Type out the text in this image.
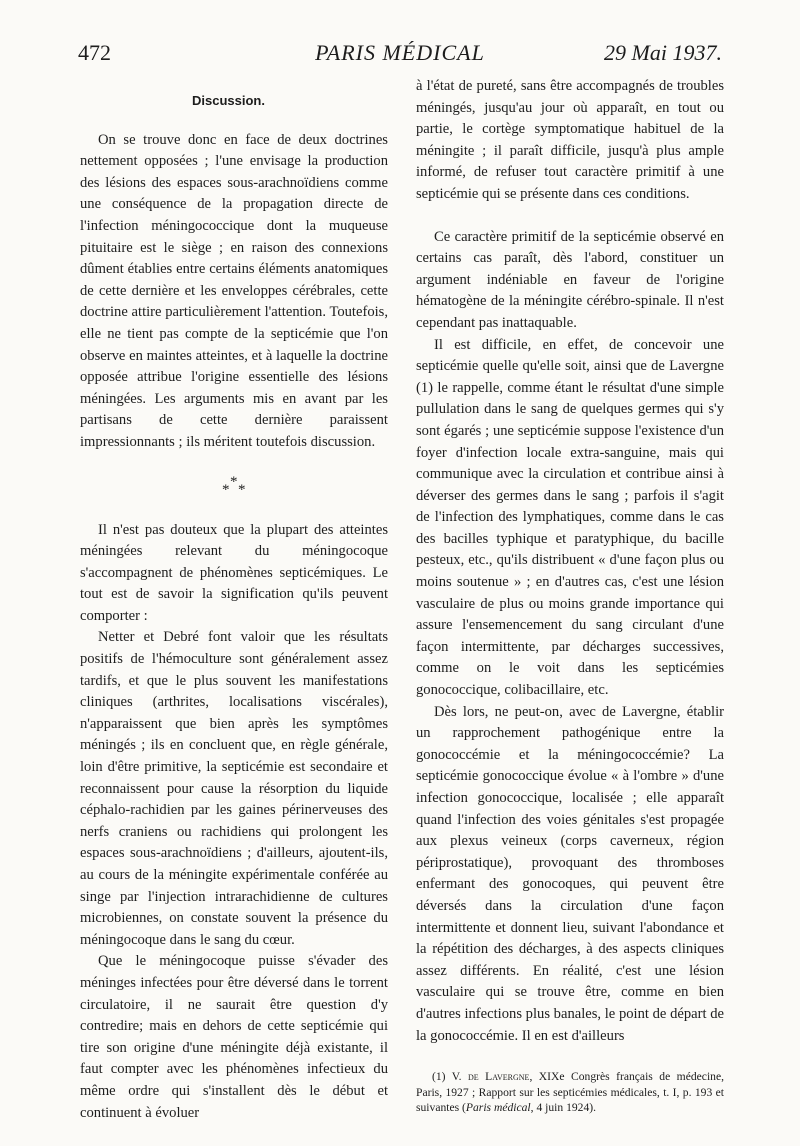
472	PARIS MÉDICAL	29 Mai 1937.
Discussion.

On se trouve donc en face de deux doctrines nettement opposées ; l'une envisage la production des lésions des espaces sous-arachnoïdiens comme une conséquence de la propagation directe de l'infection méningococcique dont la muqueuse pituitaire est le siège ; en raison des connexions dûment établies entre certains éléments anatomiques de cette dernière et les enveloppes cérébrales, cette doctrine attire particulièrement l'attention. Toutefois, elle ne tient pas compte de la septicémie que l'on observe en maintes atteintes, et à laquelle la doctrine opposée attribue l'origine essentielle des lésions méningées. Les arguments mis en avant par les partisans de cette dernière paraissent impressionnants ; ils méritent toutefois discussion.

* * *

Il n'est pas douteux que la plupart des atteintes méningées relevant du méningocoque s'accompagnent de phénomènes septicémiques. Le tout est de savoir la signification qu'ils peuvent comporter :

Netter et Debré font valoir que les résultats positifs de l'hémoculture sont généralement assez tardifs, et que le plus souvent les manifestations cliniques (arthrites, localisations viscérales), n'apparaissent que bien après les symptômes méningés ; ils en concluent que, en règle générale, loin d'être primitive, la septicémie est secondaire et reconnaissent pour cause la résorption du liquide céphalo-rachidien par les gaines périnerveuses des nerfs craniens ou rachidiens qui prolongent les espaces sous-arachnoïdiens ; d'ailleurs, ajoutent-ils, au cours de la méningite expérimentale conférée au singe par l'injection intrarachidienne de cultures microbiennes, on constate souvent la présence du méningocoque dans le sang du cœur.

Que le méningocoque puisse s'évader des méninges infectées pour être déversé dans le torrent circulatoire, il ne saurait être question d'y contredire; mais en dehors de cette septicémie qui tire son origine d'une méningite déjà existante, il faut compter avec les phénomènes infectieux du même ordre qui s'installent dès le début et continuent à évoluer

à l'état de pureté, sans être accompagnés de troubles méningés, jusqu'au jour où apparaît, en tout ou partie, le cortège symptomatique habituel de la méningite ; il paraît difficile, jusqu'à plus ample informé, de refuser tout caractère primitif à une septicémie qui se présente dans ces conditions.

Ce caractère primitif de la septicémie observé en certains cas paraît, dès l'abord, constituer un argument indéniable en faveur de l'origine hématogène de la méningite cérébro-spinale. Il n'est cependant pas inattaquable.

Il est difficile, en effet, de concevoir une septicémie quelle qu'elle soit, ainsi que de Lavergne (1) le rappelle, comme étant le résultat d'une simple pullulation dans le sang de quelques germes qui s'y sont égarés ; une septicémie suppose l'existence d'un foyer d'infection locale extra-sanguine, mais qui communique avec la circulation et contribue ainsi à déverser des germes dans le sang ; parfois il s'agit de l'infection des lymphatiques, comme dans le cas des bacilles typhique et paratyphique, du bacille pesteux, etc., qu'ils distribuent « d'une façon plus ou moins soutenue » ; en d'autres cas, c'est une lésion vasculaire de plus ou moins grande importance qui assure l'ensemencement du sang circulant d'une façon intermittente, par décharges successives, comme on le voit dans les septicémies gonococcique, colibacillaire, etc.

Dès lors, ne peut-on, avec de Lavergne, établir un rapprochement pathogénique entre la gonococcémie et la méningococcémie? La septicémie gonococcique évolue « à l'ombre » d'une infection gonococcique, localisée ; elle apparaît quand l'infection des voies génitales s'est propagée aux plexus veineux (corps caverneux, région périprostatique), provoquant des thromboses enfermant des gonocoques, qui peuvent être déversés dans la circulation d'une façon intermittente et donnent lieu, suivant l'abondance et la répétition des décharges, à des aspects cliniques assez différents. En réalité, c'est une lésion vasculaire qui se trouve être, comme en bien d'autres infections plus banales, le point de départ de la gonococcémie. Il en est d'ailleurs

(1) V. de Lavergne, XIXe Congrès français de médecine, Paris, 1927 ; Rapport sur les septicémies médicales, t. I, p. 193 et suivantes (Paris médical, 4 juin 1924).
